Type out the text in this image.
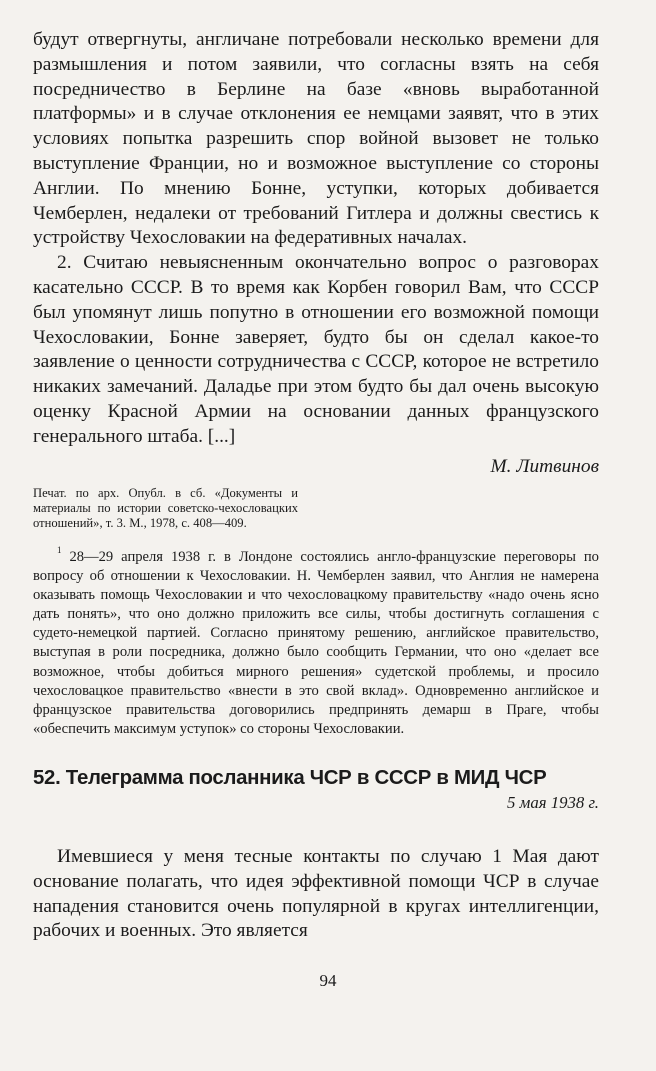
будут отвергнуты, англичане потребовали несколько времени для размышления и потом заявили, что согласны взять на себя посредничество в Берлине на базе «вновь выработанной платформы» и в случае отклонения ее немцами заявят, что в этих условиях попытка разрешить спор войной вызовет не только выступление Франции, но и возможное выступление со стороны Англии. По мнению Бонне, уступки, которых добивается Чемберлен, недалеки от требований Гитлера и должны свестись к устройству Чехословакии на федеративных началах.

2. Считаю невыясненным окончательно вопрос о разговорах касательно СССР. В то время как Корбен говорил Вам, что СССР был упомянут лишь попутно в отношении его возможной помощи Чехословакии, Бонне заверяет, будто бы он сделал какое-то заявление о ценности сотрудничества с СССР, которое не встретило никаких замечаний. Даладье при этом будто бы дал очень высокую оценку Красной Армии на основании данных французского генерального штаба. [...]

М. Литвинов
Печат. по арх. Опубл. в сб. «Документы и материалы по истории советско-чехословацких отношений», т. 3. М., 1978, с. 408—409.
$^1$ 28—29 апреля 1938 г. в Лондоне состоялись англо-французские переговоры по вопросу об отношении к Чехословакии. Н. Чемберлен заявил, что Англия не намерена оказывать помощь Чехословакии и что чехословацкому правительству «надо очень ясно дать понять», что оно должно приложить все силы, чтобы достигнуть соглашения с судето-немецкой партией. Согласно принятому решению, английское правительство, выступая в роли посредника, должно было сообщить Германии, что оно «делает все возможное, чтобы добиться мирного решения» судетской проблемы, и просило чехословацкое правительство «внести в это свой вклад». Одновременно английское и французское правительства договорились предпринять демарш в Праге, чтобы «обеспечить максимум уступок» со стороны Чехословакии.
52. Телеграмма посланника ЧСР в СССР в МИД ЧСР
5 мая 1938 г.

Имевшиеся у меня тесные контакты по случаю 1 Мая дают основание полагать, что идея эффективной помощи ЧСР в случае нападения становится очень популярной в кругах интеллигенции, рабочих и военных. Это является

94
